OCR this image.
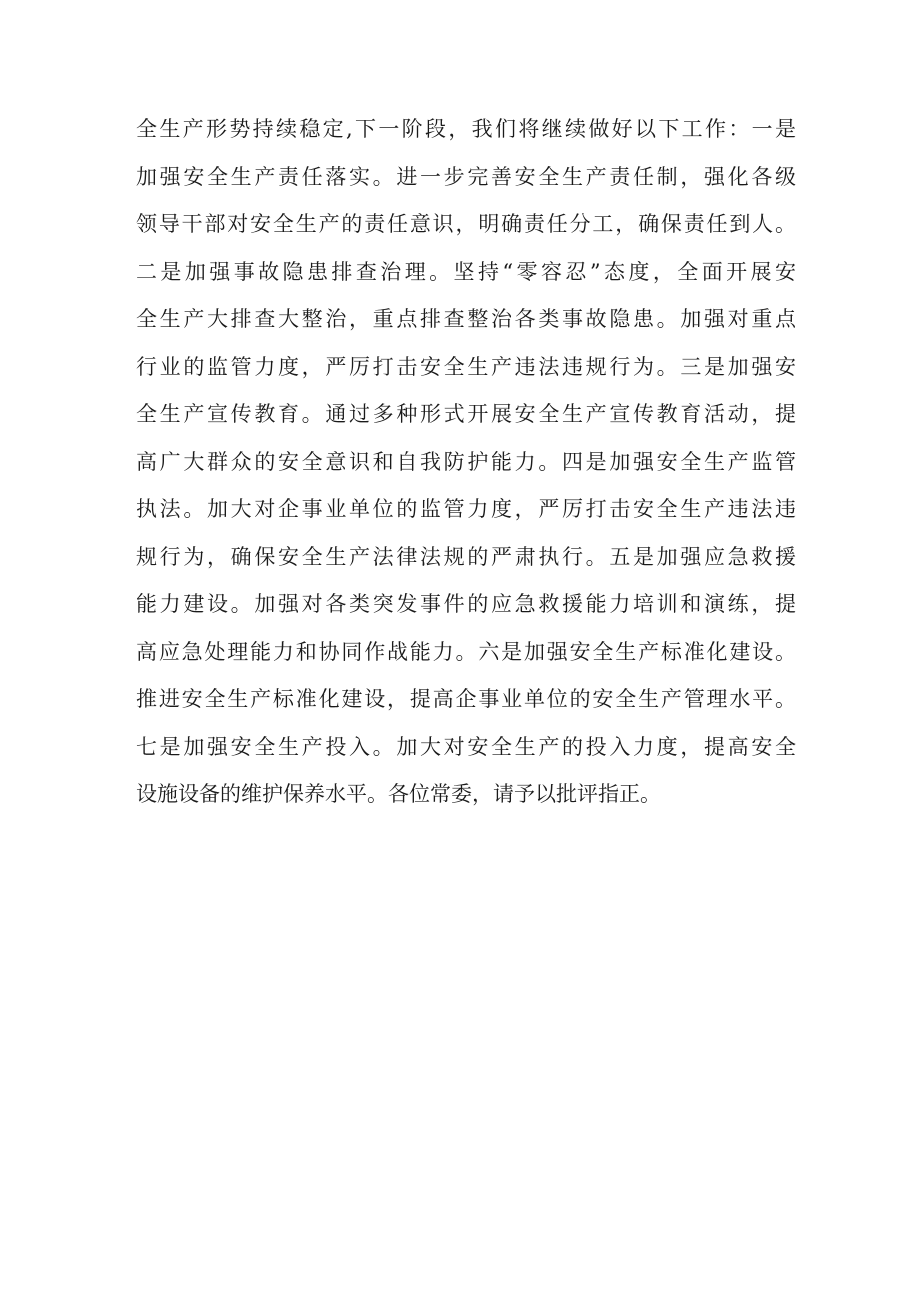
全生产形势持续稳定,下一阶段，我们将继续做好以下工作：一是
加强安全生产责任落实。进一步完善安全生产责任制，强化各级
领导干部对安全生产的责任意识，明确责任分工，确保责任到人。
二是加强事故隐患排查治理。坚持“零容忍”态度，全面开展安
全生产大排查大整治，重点排查整治各类事故隐患。加强对重点
行业的监管力度，严厉打击安全生产违法违规行为。三是加强安
全生产宣传教育。通过多种形式开展安全生产宣传教育活动，提
高广大群众的安全意识和自我防护能力。四是加强安全生产监管
执法。加大对企事业单位的监管力度，严厉打击安全生产违法违
规行为，确保安全生产法律法规的严肃执行。五是加强应急救援
能力建设。加强对各类突发事件的应急救援能力培训和演练，提
高应急处理能力和协同作战能力。六是加强安全生产标准化建设。
推进安全生产标准化建设，提高企事业单位的安全生产管理水平。
七是加强安全生产投入。加大对安全生产的投入力度，提高安全
设施设备的维护保养水平。各位常委，请予以批评指正。
